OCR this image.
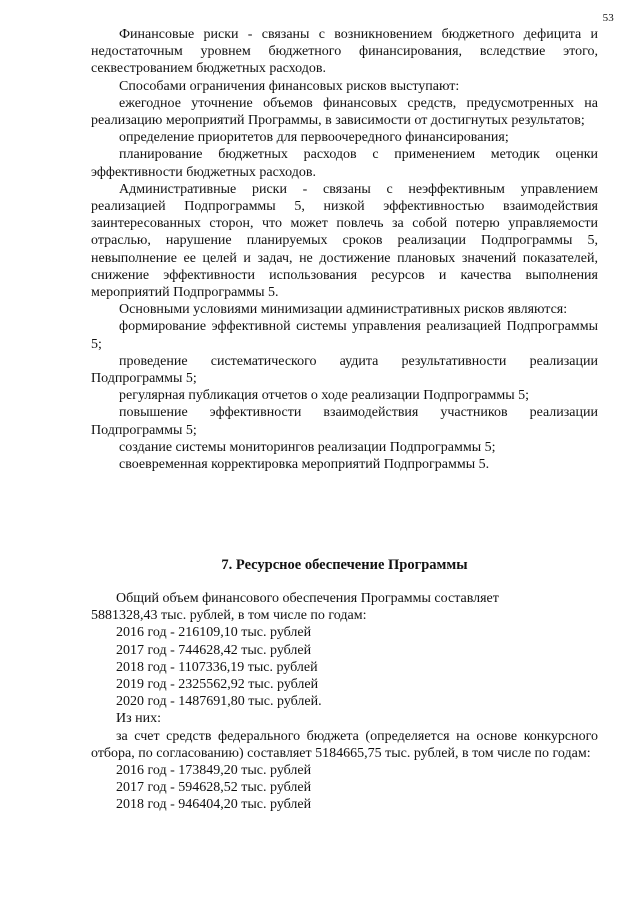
53

Финансовые риски - связаны с возникновением бюджетного дефицита и недостаточным уровнем бюджетного финансирования, вследствие этого, секвестрованием бюджетных расходов.

Способами ограничения финансовых рисков выступают:

ежегодное уточнение объемов финансовых средств, предусмотренных на реализацию мероприятий Программы, в зависимости от достигнутых результатов;

определение приоритетов для первоочередного финансирования;

планирование бюджетных расходов с применением методик оценки эффективности бюджетных расходов.

Административные риски - связаны с неэффективным управлением реализацией Подпрограммы 5, низкой эффективностью взаимодействия заинтересованных сторон, что может повлечь за собой потерю управляемости отраслью, нарушение планируемых сроков реализации Подпрограммы 5, невыполнение ее целей и задач, не достижение плановых значений показателей, снижение эффективности использования ресурсов и качества выполнения мероприятий Подпрограммы 5.

Основными условиями минимизации административных рисков являются:

формирование эффективной системы управления реализацией Подпрограммы 5;

проведение систематического аудита результативности реализации Подпрограммы 5;

регулярная публикация отчетов о ходе реализации Подпрограммы 5;

повышение эффективности взаимодействия участников реализации Подпрограммы 5;

создание системы мониторингов реализации Подпрограммы 5;

своевременная корректировка мероприятий Подпрограммы 5.

7. Ресурсное обеспечение Программы
Общий объем финансового обеспечения Программы составляет
5881328,43 тыс. рублей, в том числе по годам:
2016 год - 216109,10 тыс. рублей
2017 год - 744628,42 тыс. рублей
2018 год - 1107336,19 тыс. рублей
2019 год - 2325562,92 тыс. рублей
2020 год - 1487691,80 тыс. рублей.
Из них:
за счет средств федерального бюджета (определяется на основе конкурсного отбора, по согласованию) составляет 5184665,75 тыс. рублей, в том числе по годам:
2016 год - 173849,20 тыс. рублей
2017 год - 594628,52 тыс. рублей
2018 год - 946404,20 тыс. рублей
